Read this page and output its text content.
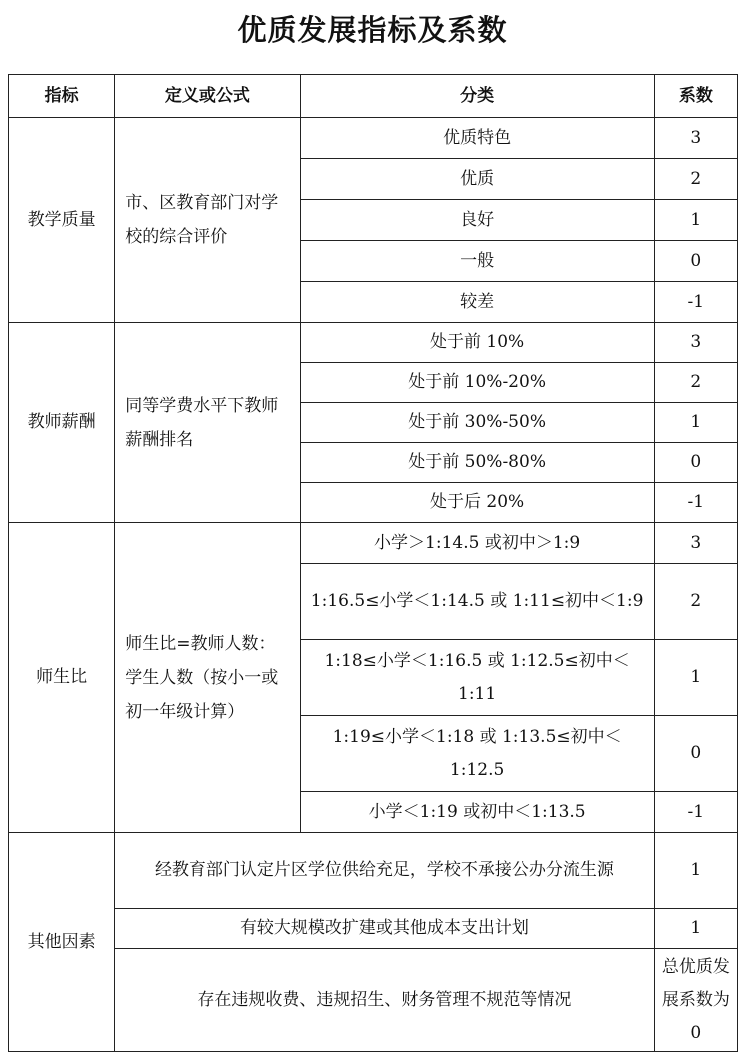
优质发展指标及系数
指标	定义或公式	分类	系数
教学质量	市、区教育部门对学校的综合评价	优质特色	3
		优质	2
		良好	1
		一般	0
		较差	-1
教师薪酬	同等学费水平下教师薪酬排名	处于前 10%	3
		处于前 10%-20%	2
		处于前 30%-50%	1
		处于前 50%-80%	0
		处于后 20%	-1
师生比	师生比=教师人数：学生人数（按小一或初一年级计算）	小学＞1:14.5 或初中＞1:9	3
		1:16.5≤小学＜1:14.5 或 1:11≤初中＜1:9	2
		1:18≤小学＜1:16.5 或 1:12.5≤初中＜1:11	1
		1:19≤小学＜1:18 或 1:13.5≤初中＜1:12.5	0
		小学＜1:19 或初中＜1:13.5	-1
其他因素	经教育部门认定片区学位供给充足，学校不承接公办分流生源		1
	有较大规模改扩建或其他成本支出计划		1
	存在违规收费、违规招生、财务管理不规范等情况		总优质发展系数为 0
